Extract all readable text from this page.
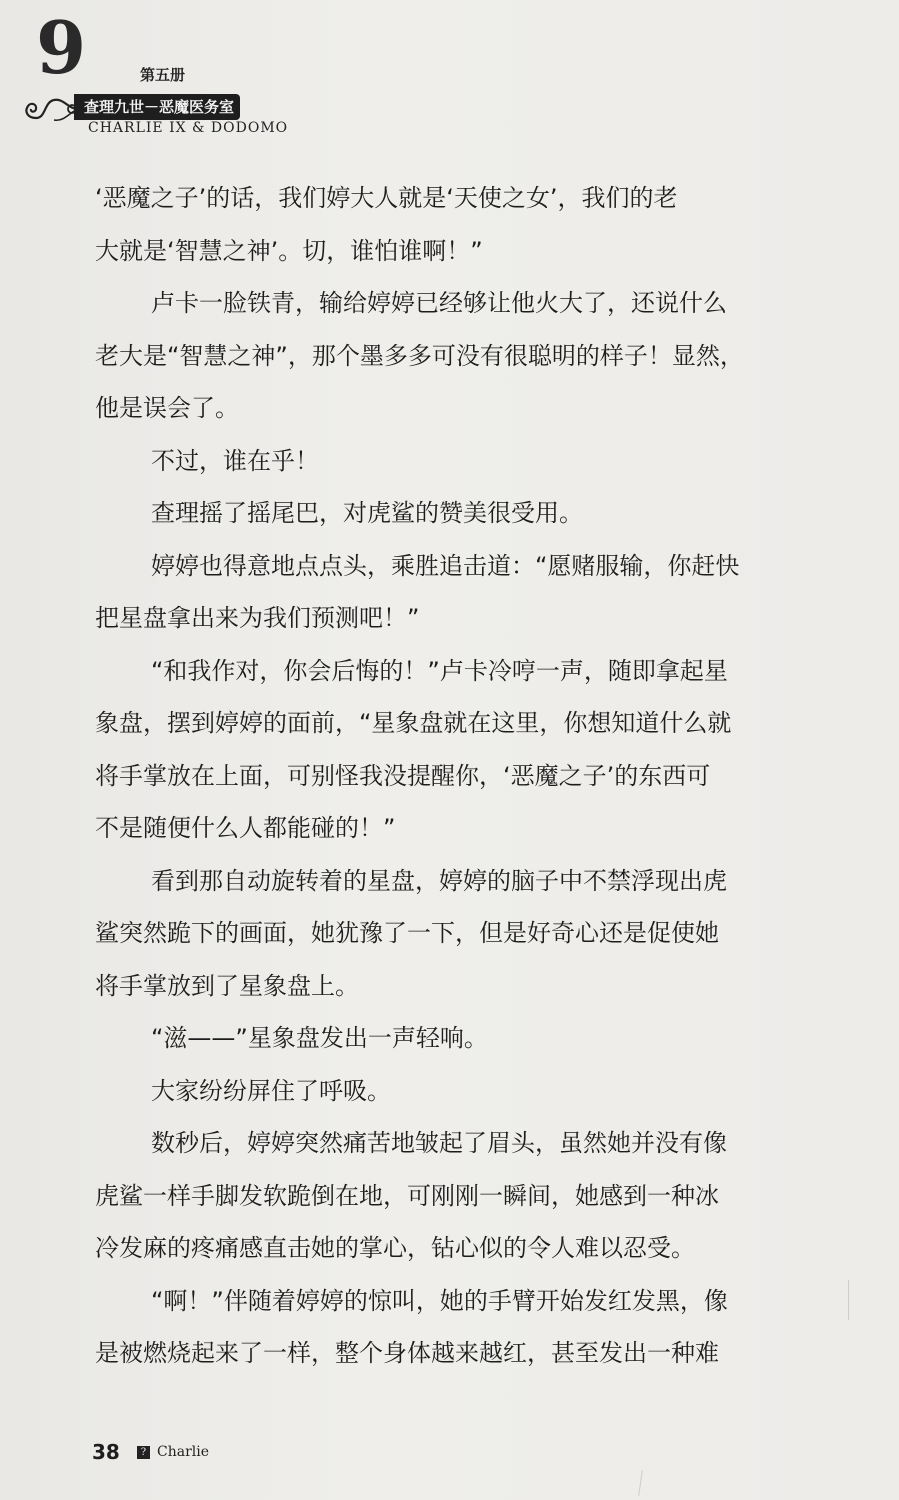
9	第五册
查理九世－恶魔医务室
CHARLIE IX & DODOMO
‘恶魔之子’的话，我们婷大人就是‘天使之女’，我们的老
大就是‘智慧之神’。切，谁怕谁啊！”
卢卡一脸铁青，输给婷婷已经够让他火大了，还说什么
老大是“智慧之神”，那个墨多多可没有很聪明的样子！显然，
他是误会了。
不过，谁在乎！
查理摇了摇尾巴，对虎鲨的赞美很受用。
婷婷也得意地点点头，乘胜追击道：“愿赌服输，你赶快
把星盘拿出来为我们预测吧！”
“和我作对，你会后悔的！”卢卡冷哼一声，随即拿起星
象盘，摆到婷婷的面前，“星象盘就在这里，你想知道什么就
将手掌放在上面，可别怪我没提醒你，‘恶魔之子’的东西可
不是随便什么人都能碰的！”
看到那自动旋转着的星盘，婷婷的脑子中不禁浮现出虎
鲨突然跪下的画面，她犹豫了一下，但是好奇心还是促使她
将手掌放到了星象盘上。
“滋——”星象盘发出一声轻响。
大家纷纷屏住了呼吸。
数秒后，婷婷突然痛苦地皱起了眉头，虽然她并没有像
虎鲨一样手脚发软跪倒在地，可刚刚一瞬间，她感到一种冰
冷发麻的疼痛感直击她的掌心，钻心似的令人难以忍受。
“啊！”伴随着婷婷的惊叫，她的手臂开始发红发黑，像
是被燃烧起来了一样，整个身体越来越红，甚至发出一种难
38 ? Charlie
